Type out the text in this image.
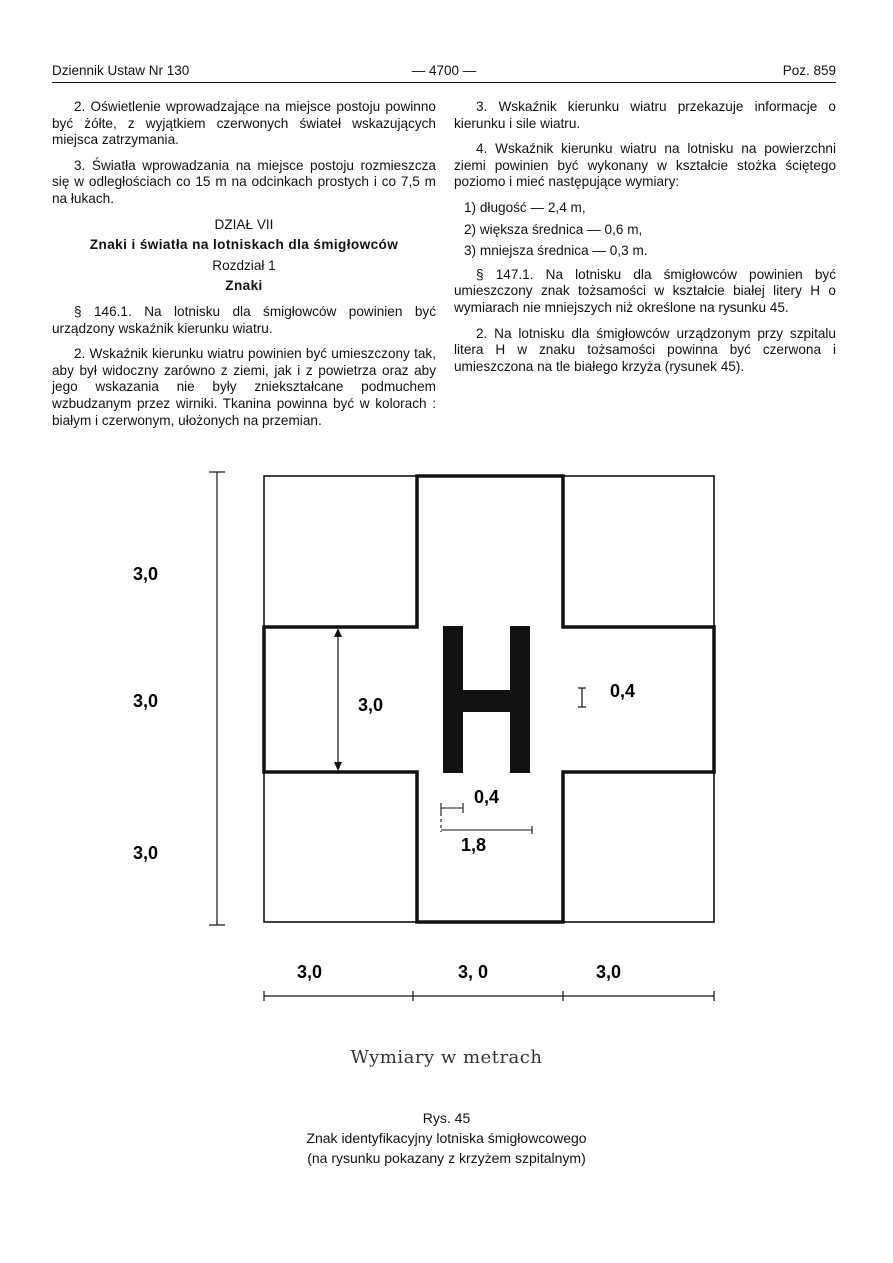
Dziennik Ustaw Nr 130	— 4700 —	Poz. 859

2. Oświetlenie wprowadzające na miejsce postoju powinno być żółte, z wyjątkiem czerwonych świateł wskazujących miejsca zatrzymania.

3. Światła wprowadzania na miejsce postoju rozmieszcza się w odległościach co 15 m na odcinkach prostych i co 7,5 m na łukach.

DZIAŁ VII

Znaki i światła na lotniskach dla śmigłowców

Rozdział 1

Znaki

§ 146.1. Na lotnisku dla śmigłowców powinien być urządzony wskaźnik kierunku wiatru.

2. Wskaźnik kierunku wiatru powinien być umieszczony tak, aby był widoczny zarówno z ziemi, jak i z powietrza oraz aby jego wskazania nie były zniekształcane podmuchem wzbudzanym przez wirniki. Tkanina powinna być w kolorach : białym i czerwonym, ułożonych na przemian.

3. Wskaźnik kierunku wiatru przekazuje informacje o kierunku i sile wiatru.

4. Wskaźnik kierunku wiatru na lotnisku na powierzchni ziemi powinien być wykonany w kształcie stożka ściętego poziomo i mieć następujące wymiary:

1) długość — 2,4 m,
2) większa średnica — 0,6 m,
3) mniejsza średnica — 0,3 m.

§ 147.1. Na lotnisku dla śmigłowców powinien być umieszczony znak tożsamości w kształcie białej litery H o wymiarach nie mniejszych niż określone na rysunku 45.

2. Na lotnisku dla śmigłowców urządzonym przy szpitalu litera H w znaku tożsamości powinna być czerwona i umieszczona na tle białego krzyża (rysunek 45).

3,0
3,0
3,0
3,0
0,4
0,4
1,8
3,0	3, 0	3,0
Wymiary w metrach
Rys. 45
Znak identyfikacyjny lotniska śmigłowcowego
(na rysunku pokazany z krzyżem szpitalnym)
